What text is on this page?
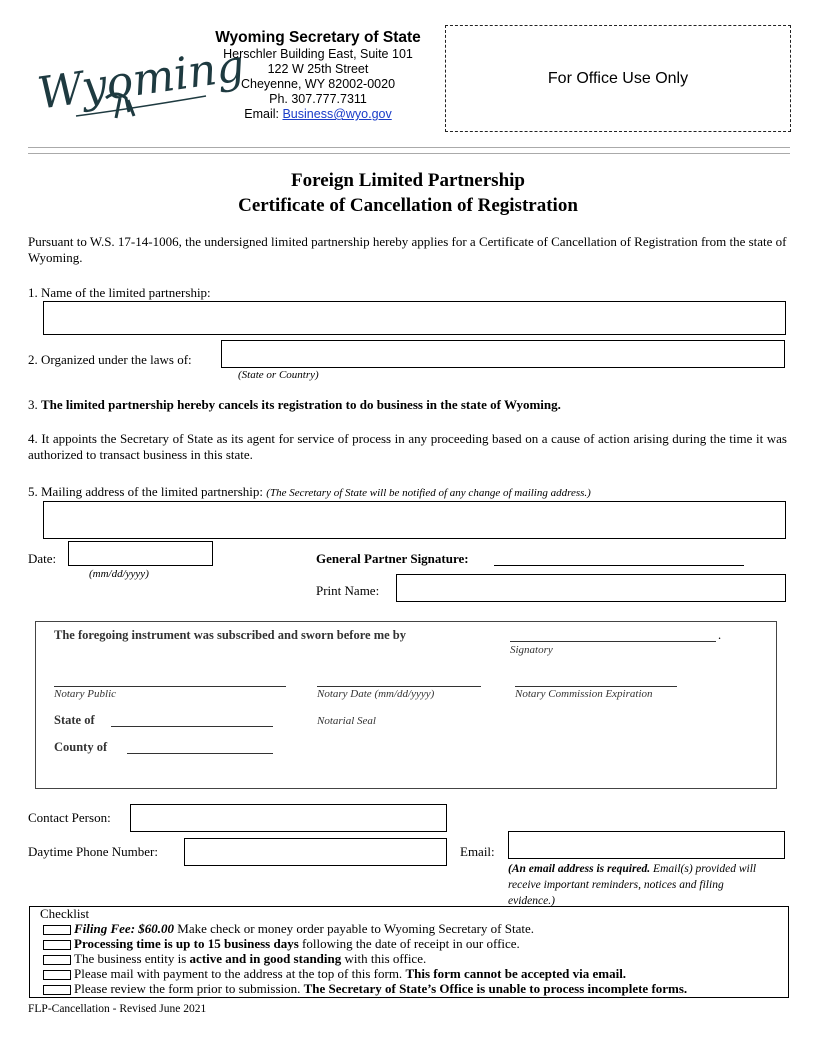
Wyoming
Wyoming Secretary of State
Herschler Building East, Suite 101
122 W 25th Street
Cheyenne, WY 82002-0020
Ph. 307.777.7311
Email: Business@wyo.gov
For Office Use Only
Foreign Limited Partnership
Certificate of Cancellation of Registration
Pursuant to W.S. 17-14-1006, the undersigned limited partnership hereby applies for a Certificate of Cancellation of Registration from the state of Wyoming.
1. Name of the limited partnership:
2. Organized under the laws of:
(State or Country)
3. The limited partnership hereby cancels its registration to do business in the state of Wyoming.
4. It appoints the Secretary of State as its agent for service of process in any proceeding based on a cause of action arising during the time it was authorized to transact business in this state.
5. Mailing address of the limited partnership: (The Secretary of State will be notified of any change of mailing address.)
Date:
(mm/dd/yyyy)
General Partner Signature:
Print Name:
The foregoing instrument was subscribed and sworn before me by	.
Signatory
Notary Public	Notary Date (mm/dd/yyyy)	Notary Commission Expiration
State of	Notarial Seal
County of
Contact Person:
Daytime Phone Number:	Email:
(An email address is required. Email(s) provided will receive important reminders, notices and filing evidence.)
Checklist
Filing Fee: $60.00 Make check or money order payable to Wyoming Secretary of State.
Processing time is up to 15 business days following the date of receipt in our office.
The business entity is active and in good standing with this office.
Please mail with payment to the address at the top of this form. This form cannot be accepted via email.
Please review the form prior to submission. The Secretary of State’s Office is unable to process incomplete forms.
FLP-Cancellation - Revised June 2021
